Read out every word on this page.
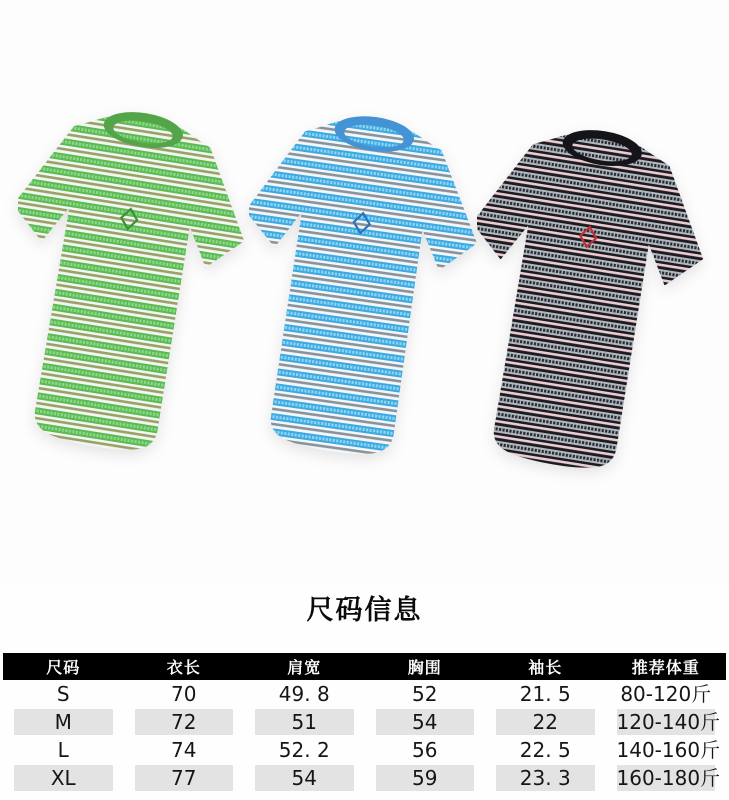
尺码信息
尺码	衣长	肩宽	胸围	袖长	推荐体重

S	70	49. 8	52	21. 5	80-120斤

M	72	51	54	22	120-140斤

L	74	52. 2	56	22. 5	140-160斤

XL	77	54	59	23. 3	160-180斤
